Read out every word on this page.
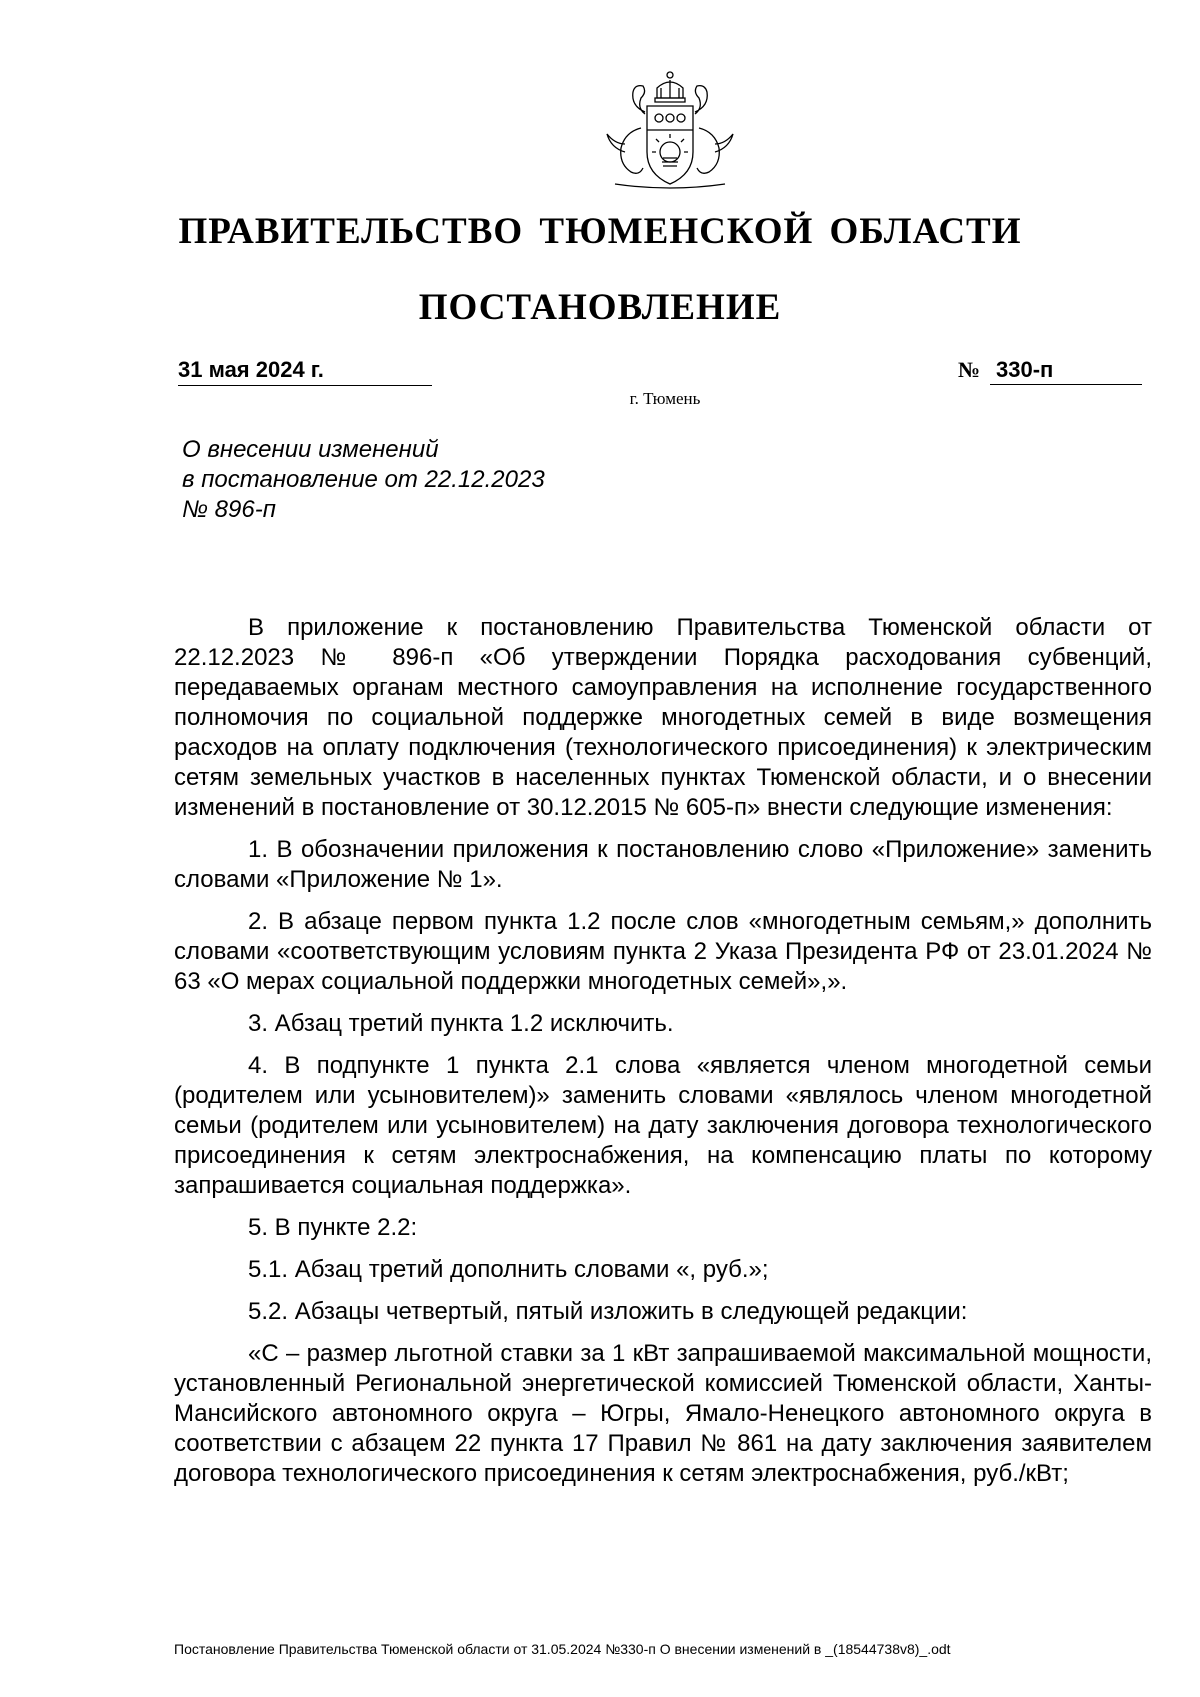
ПРАВИТЕЛЬСТВО ТЮМЕНСКОЙ ОБЛАСТИ
ПОСТАНОВЛЕНИЕ
31 мая 2024 г.	№ 330-п
г. Тюмень
О внесении изменений
в постановление от 22.12.2023
№ 896-п

В приложение к постановлению Правительства Тюменской области от 22.12.2023 № 896-п «Об утверждении Порядка расходования субвенций, передаваемых органам местного самоуправления на исполнение государственного полномочия по социальной поддержке многодетных семей в виде возмещения расходов на оплату подключения (технологического присоединения) к электрическим сетям земельных участков в населенных пунктах Тюменской области, и о внесении изменений в постановление от 30.12.2015 № 605-п» внести следующие изменения:

1. В обозначении приложения к постановлению слово «Приложение» заменить словами «Приложение № 1».

2. В абзаце первом пункта 1.2 после слов «многодетным семьям,» дополнить словами «соответствующим условиям пункта 2 Указа Президента РФ от 23.01.2024 № 63 «О мерах социальной поддержки многодетных семей»,».

3. Абзац третий пункта 1.2 исключить.

4. В подпункте 1 пункта 2.1 слова «является членом многодетной семьи (родителем или усыновителем)» заменить словами «являлось членом многодетной семьи (родителем или усыновителем) на дату заключения договора технологического присоединения к сетям электроснабжения, на компенсацию платы по которому запрашивается социальная поддержка».

5. В пункте 2.2:

5.1. Абзац третий дополнить словами «, руб.»;

5.2. Абзацы четвертый, пятый изложить в следующей редакции:

«С – размер льготной ставки за 1 кВт запрашиваемой максимальной мощности, установленный Региональной энергетической комиссией Тюменской области, Ханты-Мансийского автономного округа – Югры, Ямало-Ненецкого автономного округа в соответствии с абзацем 22 пункта 17 Правил № 861 на дату заключения заявителем договора технологического присоединения к сетям электроснабжения, руб./кВт;

Постановление Правительства Тюменской области от 31.05.2024 №330-п О внесении изменений в _(18544738v8)_.odt
